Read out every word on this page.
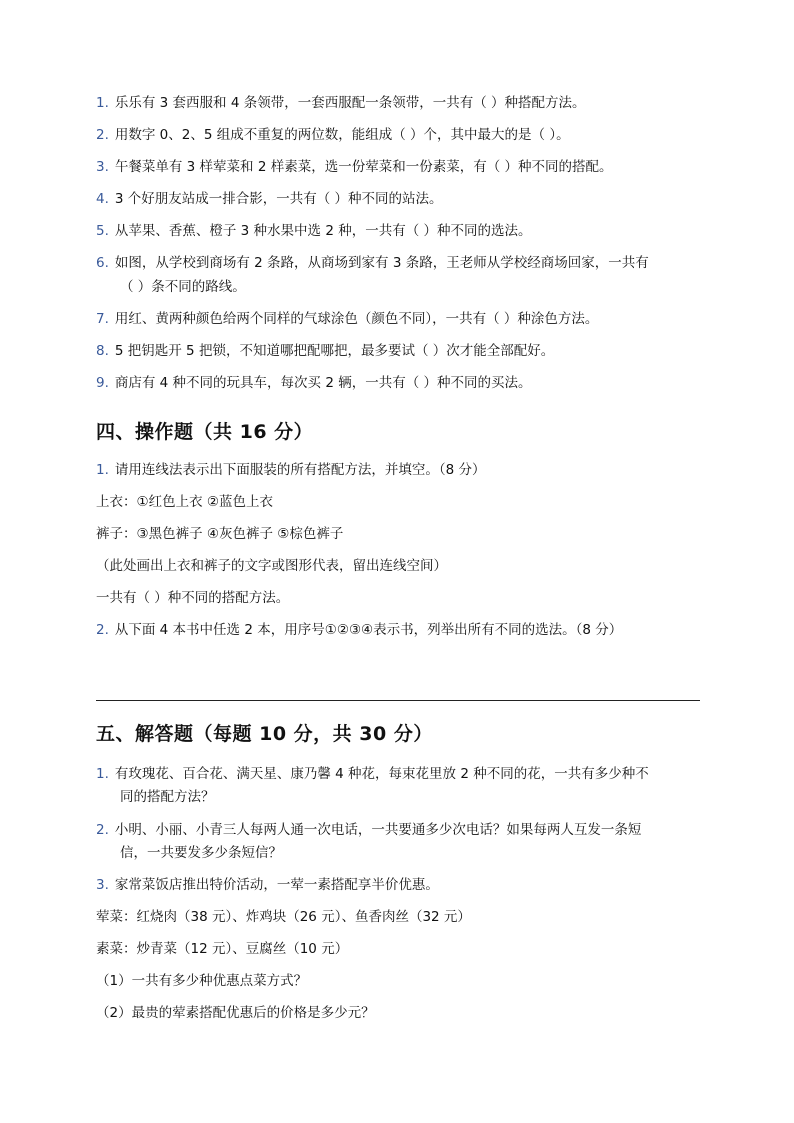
1. 乐乐有 3 套西服和 4 条领带，一套西服配一条领带，一共有（ ）种搭配方法。
2. 用数字 0、2、5 组成不重复的两位数，能组成（ ）个，其中最大的是（ ）。
3. 午餐菜单有 3 样荤菜和 2 样素菜，选一份荤菜和一份素菜，有（ ）种不同的搭配。
4. 3 个好朋友站成一排合影，一共有（ ）种不同的站法。
5. 从苹果、香蕉、橙子 3 种水果中选 2 种，一共有（ ）种不同的选法。
6. 如图，从学校到商场有 2 条路，从商场到家有 3 条路，王老师从学校经商场回家，一共有
（ ）条不同的路线。
7. 用红、黄两种颜色给两个同样的气球涂色（颜色不同），一共有（ ）种涂色方法。
8. 5 把钥匙开 5 把锁，不知道哪把配哪把，最多要试（ ）次才能全部配好。
9. 商店有 4 种不同的玩具车，每次买 2 辆，一共有（ ）种不同的买法。
四、操作题（共 16 分）
1. 请用连线法表示出下面服装的所有搭配方法，并填空。（8 分）
上衣：①红色上衣 ②蓝色上衣
裤子：③黑色裤子 ④灰色裤子 ⑤棕色裤子
（此处画出上衣和裤子的文字或图形代表，留出连线空间）
一共有（ ）种不同的搭配方法。
2. 从下面 4 本书中任选 2 本，用序号①②③④表示书，列举出所有不同的选法。（8 分）
五、解答题（每题 10 分，共 30 分）
1. 有玫瑰花、百合花、满天星、康乃馨 4 种花，每束花里放 2 种不同的花，一共有多少种不
同的搭配方法？
2. 小明、小丽、小青三人每两人通一次电话，一共要通多少次电话？如果每两人互发一条短
信，一共要发多少条短信？
3. 家常菜饭店推出特价活动，一荤一素搭配享半价优惠。
荤菜：红烧肉（38 元）、炸鸡块（26 元）、鱼香肉丝（32 元）
素菜：炒青菜（12 元）、豆腐丝（10 元）
（1）一共有多少种优惠点菜方式？
（2）最贵的荤素搭配优惠后的价格是多少元？
